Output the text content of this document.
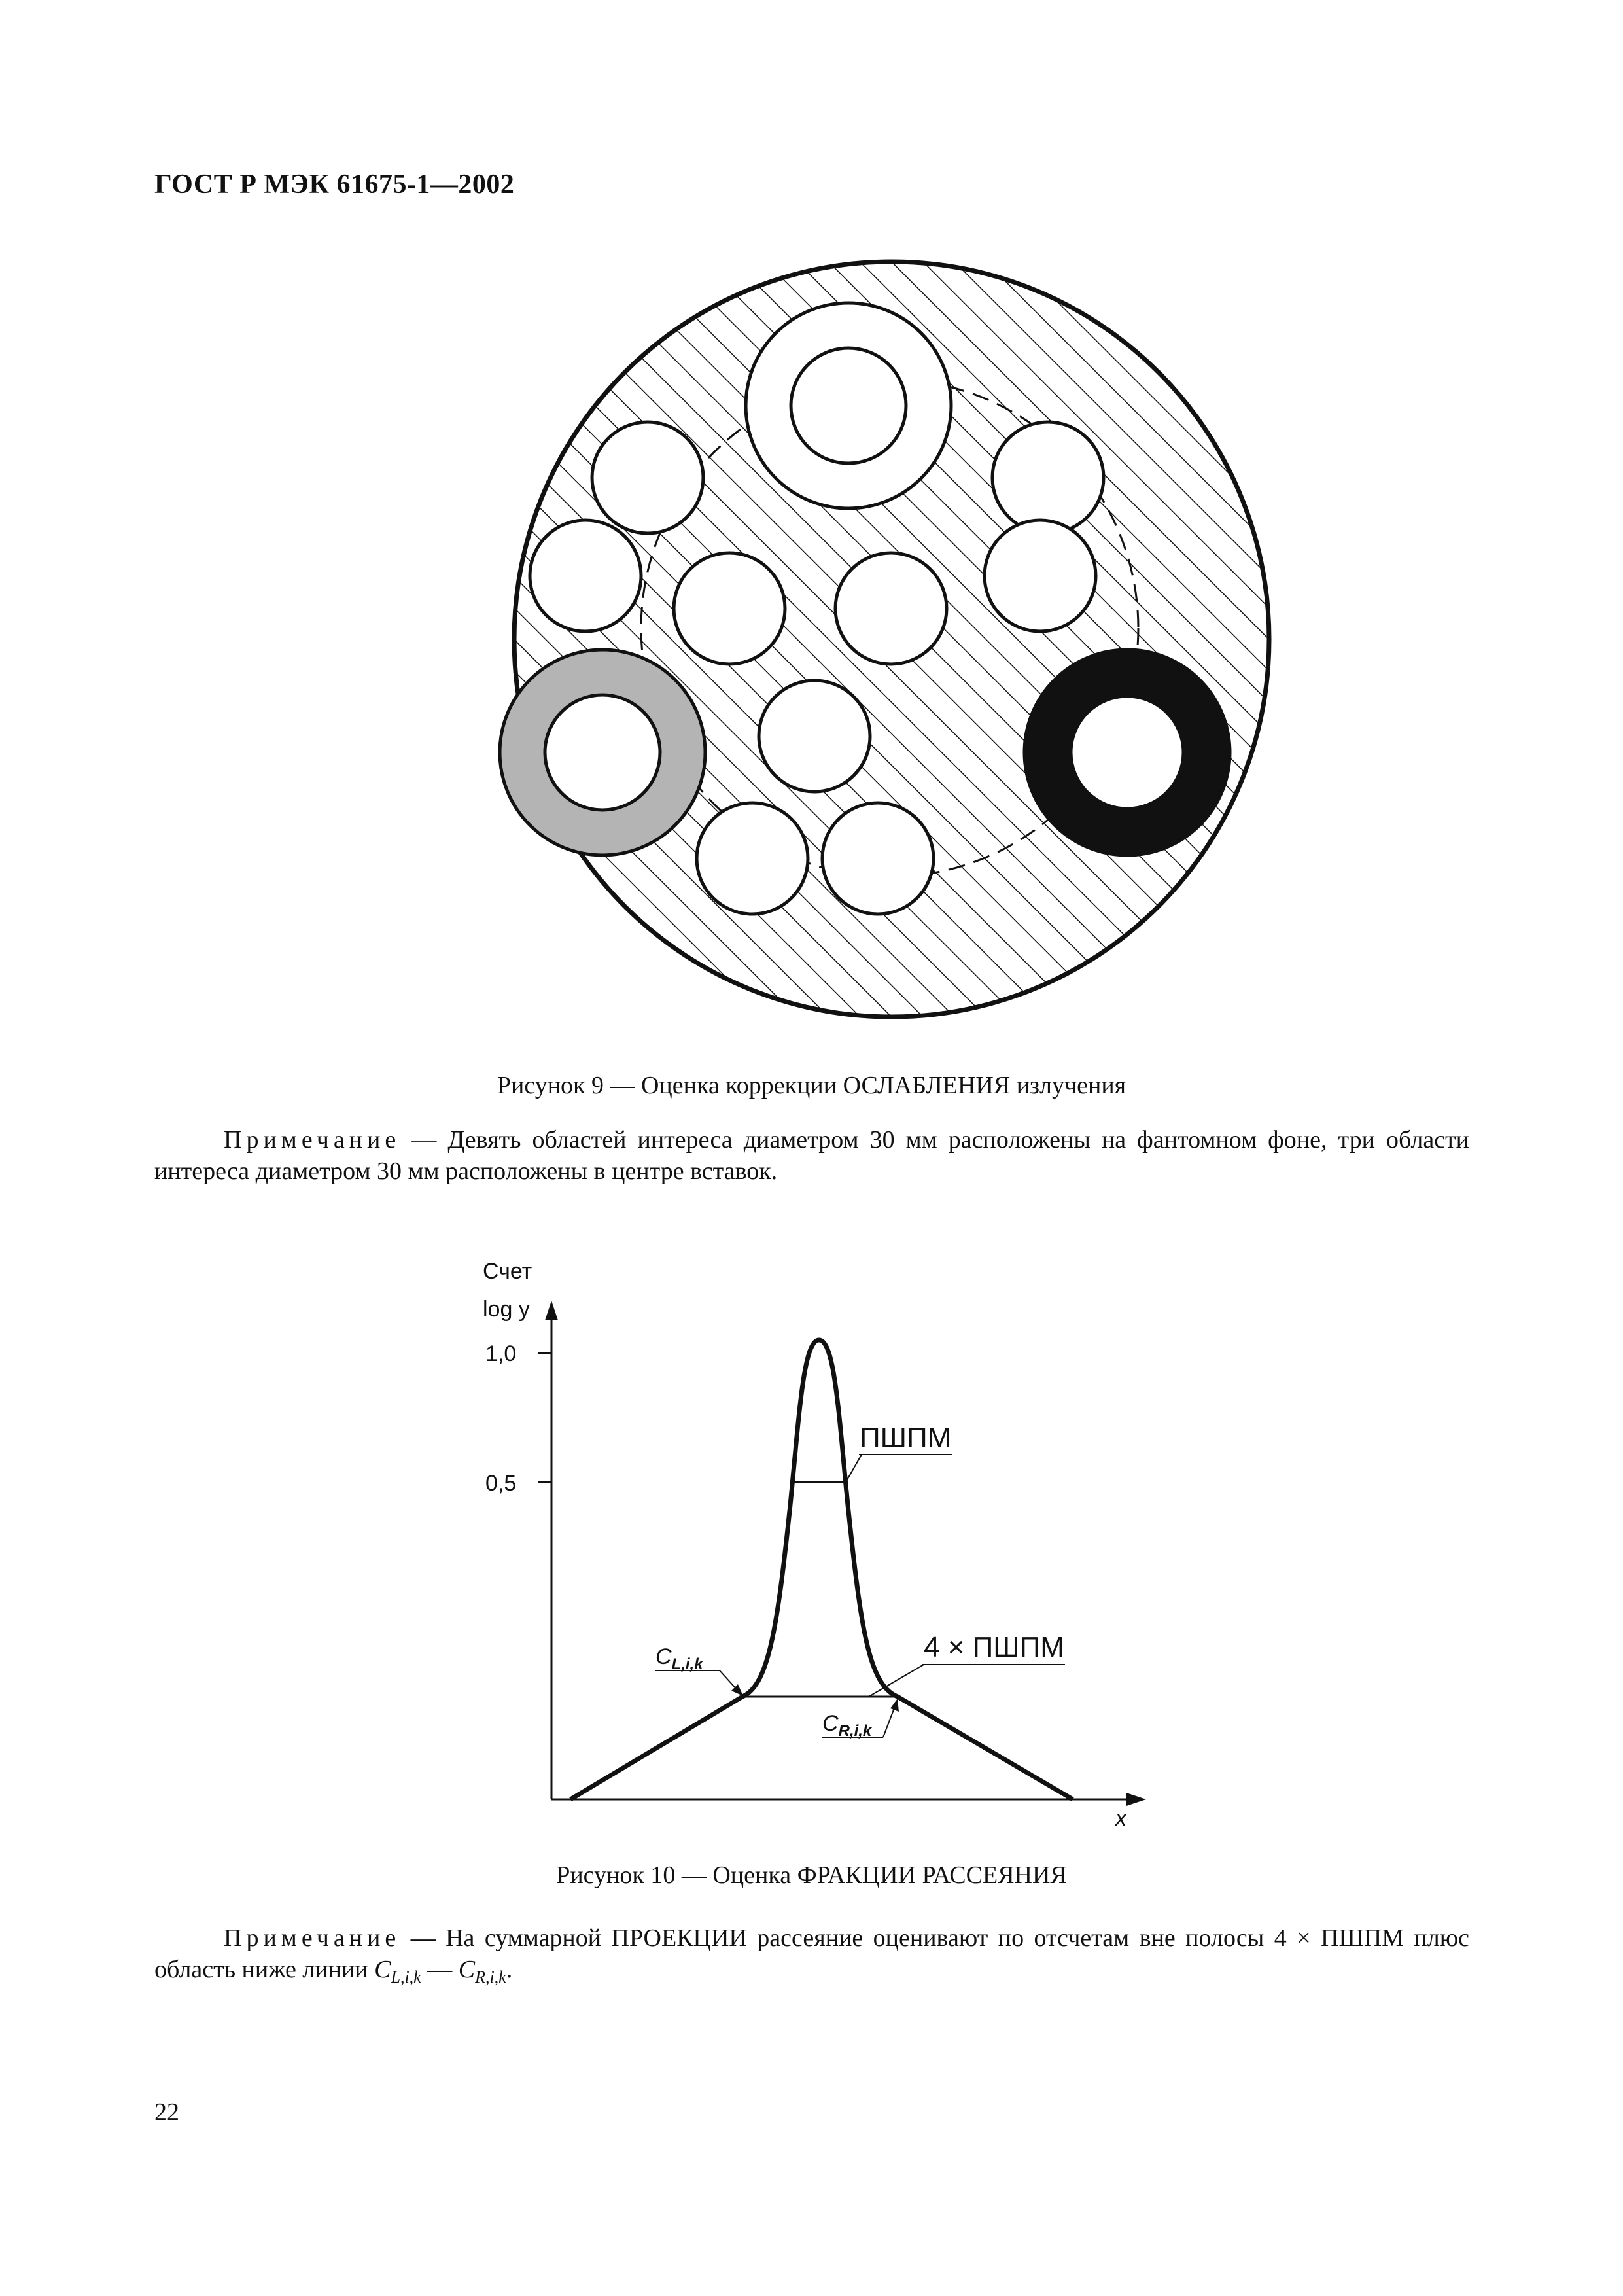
ГОСТ Р МЭК 61675-1—2002
Рисунок 9 — Оценка коррекции ОСЛАБЛЕНИЯ излучения
Примечание — Девять областей интереса диаметром 30 мм расположены на фантомном фоне, три области интереса диаметром 30 мм расположены в центре вставок.
Счет
log y
1,0
0,5
x
ПШПМ
4 × ПШПМ
$C_{L,i,k}$
$C_{R,i,k}$
Рисунок 10 — Оценка ФРАКЦИИ РАССЕЯНИЯ
Примечание — На суммарной ПРОЕКЦИИ рассеяние оценивают по отсчетам вне полосы 4 × ПШПМ плюс область ниже линии $C_{L,i,k}$ — $C_{R,i,k}$.
22
